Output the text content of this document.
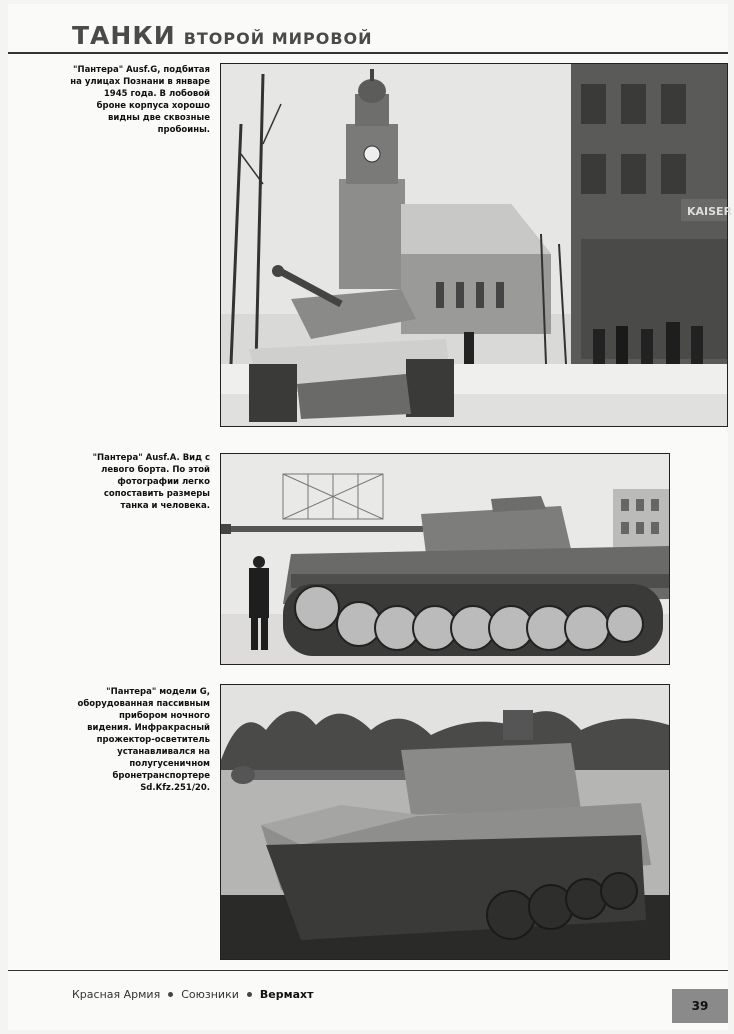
ТАНКИ ВТОРОЙ МИРОВОЙ
"Пантера" Ausf.G, подбитая
на улицах Познани в январе
1945 года. В лобовой
броне корпуса хорошо
видны две сквозные
пробоины.
KAISER
"Пантера" Ausf.A. Вид с
левого борта. По этой
фотографии легко
сопоставить размеры
танка и человека.
"Пантера" модели G,
оборудованная пассивным
прибором ночного
видения. Инфракрасный
прожектор-осветитель
устанавливался на
полугусеничном
бронетранспортере
Sd.Kfz.251/20.
Красная Армия Союзники Вермахт
39
